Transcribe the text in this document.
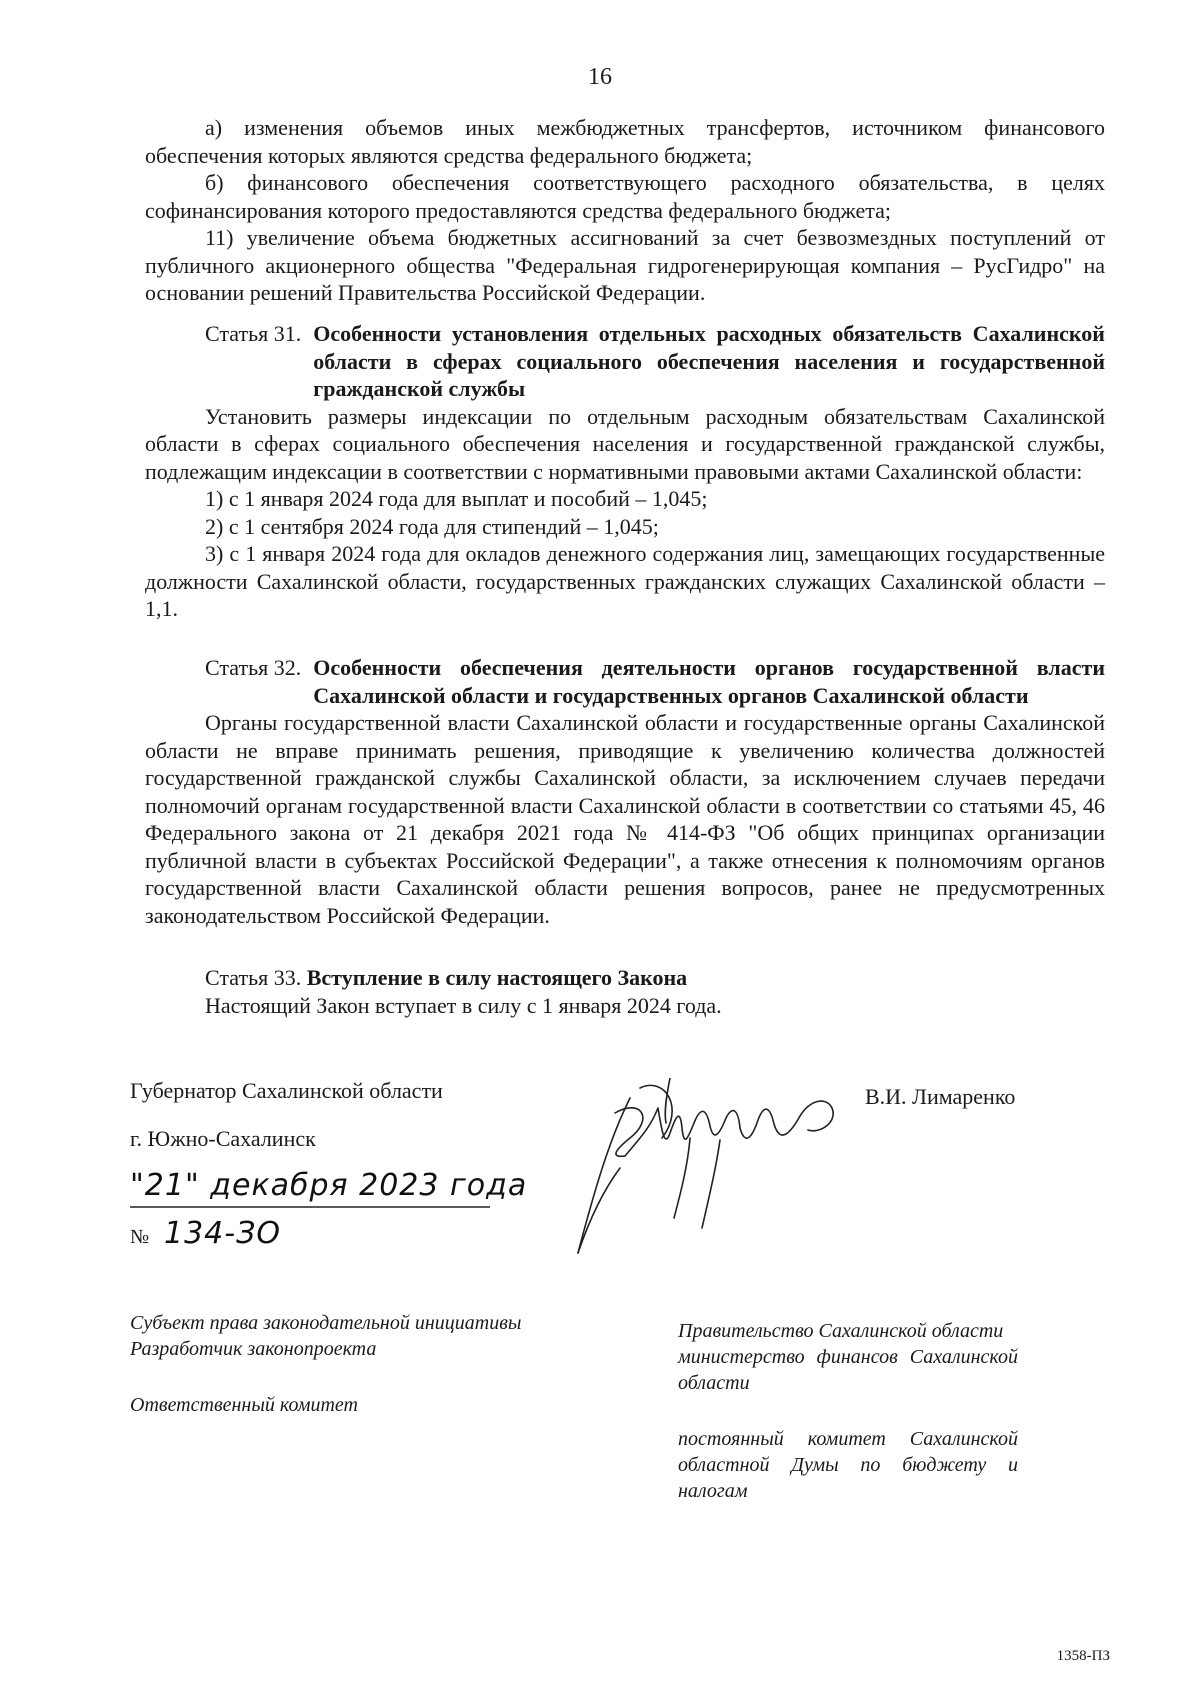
16

а) изменения объемов иных межбюджетных трансфертов, источником финансового обеспечения которых являются средства федерального бюджета;

б) финансового обеспечения соответствующего расходного обязательства, в целях софинансирования которого предоставляются средства федерального бюджета;

11) увеличение объема бюджетных ассигнований за счет безвозмездных поступлений от публичного акционерного общества "Федеральная гидрогенерирующая компания – РусГидро" на основании решений Правительства Российской Федерации.

Статья 31. Особенности установления отдельных расходных обязательств Сахалинской области в сферах социального обеспечения населения и государственной гражданской службы

Установить размеры индексации по отдельным расходным обязательствам Сахалинской области в сферах социального обеспечения населения и государственной гражданской службы, подлежащим индексации в соответствии с нормативными правовыми актами Сахалинской области:

1) с 1 января 2024 года для выплат и пособий – 1,045;

2) с 1 сентября 2024 года для стипендий – 1,045;

3) с 1 января 2024 года для окладов денежного содержания лиц, замещающих государственные должности Сахалинской области, государственных гражданских служащих Сахалинской области – 1,1.

Статья 32. Особенности обеспечения деятельности органов государственной власти Сахалинской области и государственных органов Сахалинской области

Органы государственной власти Сахалинской области и государственные органы Сахалинской области не вправе принимать решения, приводящие к увеличению количества должностей государственной гражданской службы Сахалинской области, за исключением случаев передачи полномочий органам государственной власти Сахалинской области в соответствии со статьями 45, 46 Федерального закона от 21 декабря 2021 года № 414-ФЗ "Об общих принципах организации публичной власти в субъектах Российской Федерации", а также отнесения к полномочиям органов государственной власти Сахалинской области решения вопросов, ранее не предусмотренных законодательством Российской Федерации.

Статья 33. Вступление в силу настоящего Закона

Настоящий Закон вступает в силу с 1 января 2024 года.

Губернатор Сахалинской области	В.И. Лимаренко
г. Южно-Сахалинск
"21" декабря 2023 года
№ 134-ЗО
Субъект права законодательной инициативы
Разработчик законопроекта
Ответственный комитет
Правительство Сахалинской области
министерство финансов Сахалинской области
постоянный комитет Сахалинской областной Думы по бюджету и налогам
1358-ПЗ
